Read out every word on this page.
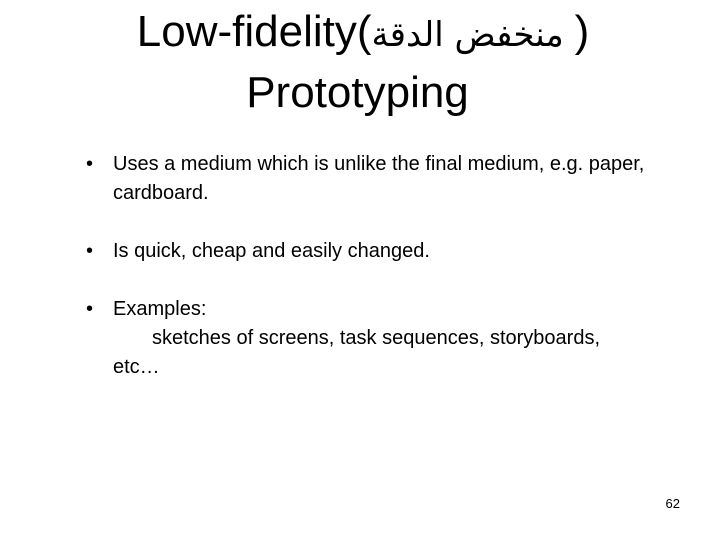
Low-fidelity( منخفض الدقة)
Prototyping
• Uses a medium which is unlike the final medium, e.g. paper, cardboard.
• Is quick, cheap and easily changed.
• Examples:
sketches of screens, task sequences, storyboards,
etc…
62
